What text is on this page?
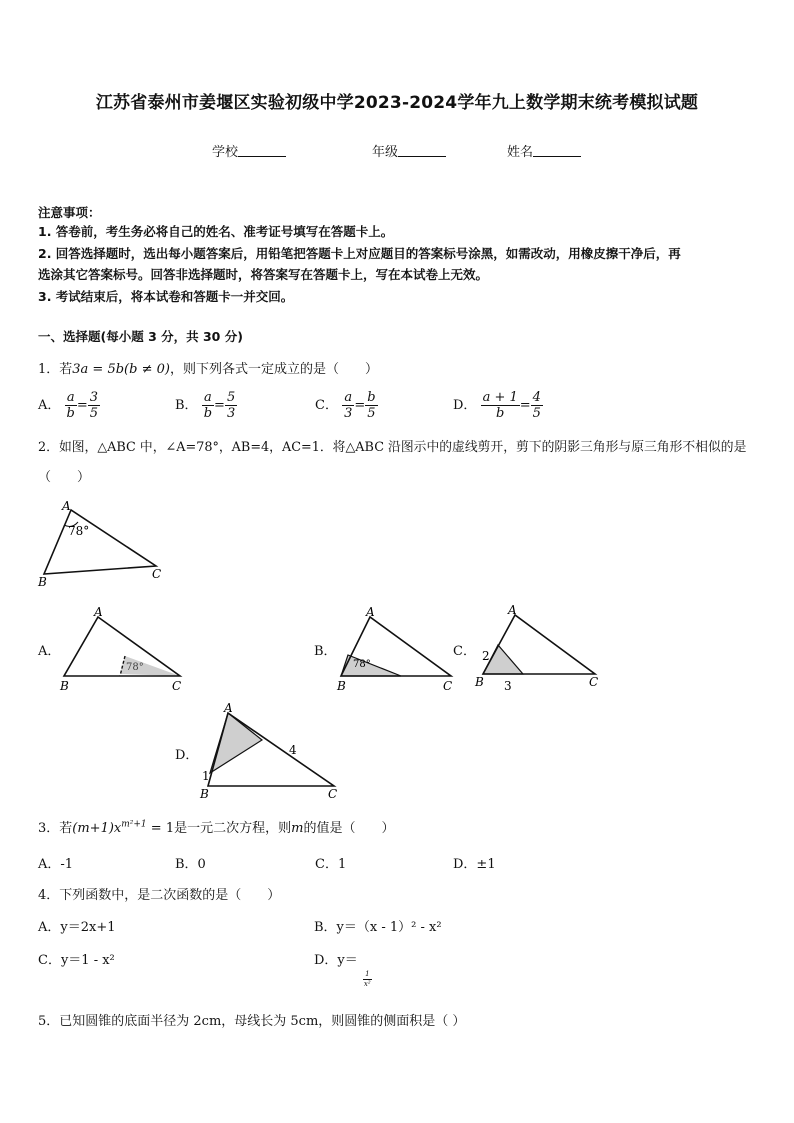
江苏省泰州市姜堰区实验初级中学2023-2024学年九上数学期末统考模拟试题
学校	年级	姓名
注意事项：
1. 答卷前，考生务必将自己的姓名、准考证号填写在答题卡上。
2. 回答选择题时，选出每小题答案后，用铅笔把答题卡上对应题目的答案标号涂黑，如需改动，用橡皮擦干净后，再
选涂其它答案标号。回答非选择题时，将答案写在答题卡上，写在本试卷上无效。
3. 考试结束后，将本试卷和答题卡一并交回。
一、选择题(每小题 3 分，共 30 分)
1．若3a = 5b(b ≠ 0)，则下列各式一定成立的是（　　）
A． $\frac{a}{b} = \frac{3}{5}$	B． $\frac{a}{b} = \frac{5}{3}$	C． $\frac{a}{3} = \frac{b}{5}$	D． $\frac{a + 1}{b} = \frac{4}{5}$
2．如图，△ABC 中，∠A=78°，AB=4，AC=1．将△ABC 沿图示中的虚线剪开，剪下的阴影三角形与原三角形不相似的是
（　　）
A
B
C
78°
A．
A
B	C
78°
B．
A
B	C
78°
C．
A
B	C
2
3
D．
A
B	C
4
1
3．若$(m+1)x^{m^2+1} = 1$是一元二次方程，则m的值是（　　）
A．-1	B．0	C．1	D．±1
4．下列函数中，是二次函数的是（　　）
A．y＝2x+1	B．y＝（x - 1）² - x²
C．y＝1 - x²	D．y＝
$\frac{1}{\text{x²}}$
5．已知圆锥的底面半径为 2cm，母线长为 5cm，则圆锥的侧面积是（ ）
